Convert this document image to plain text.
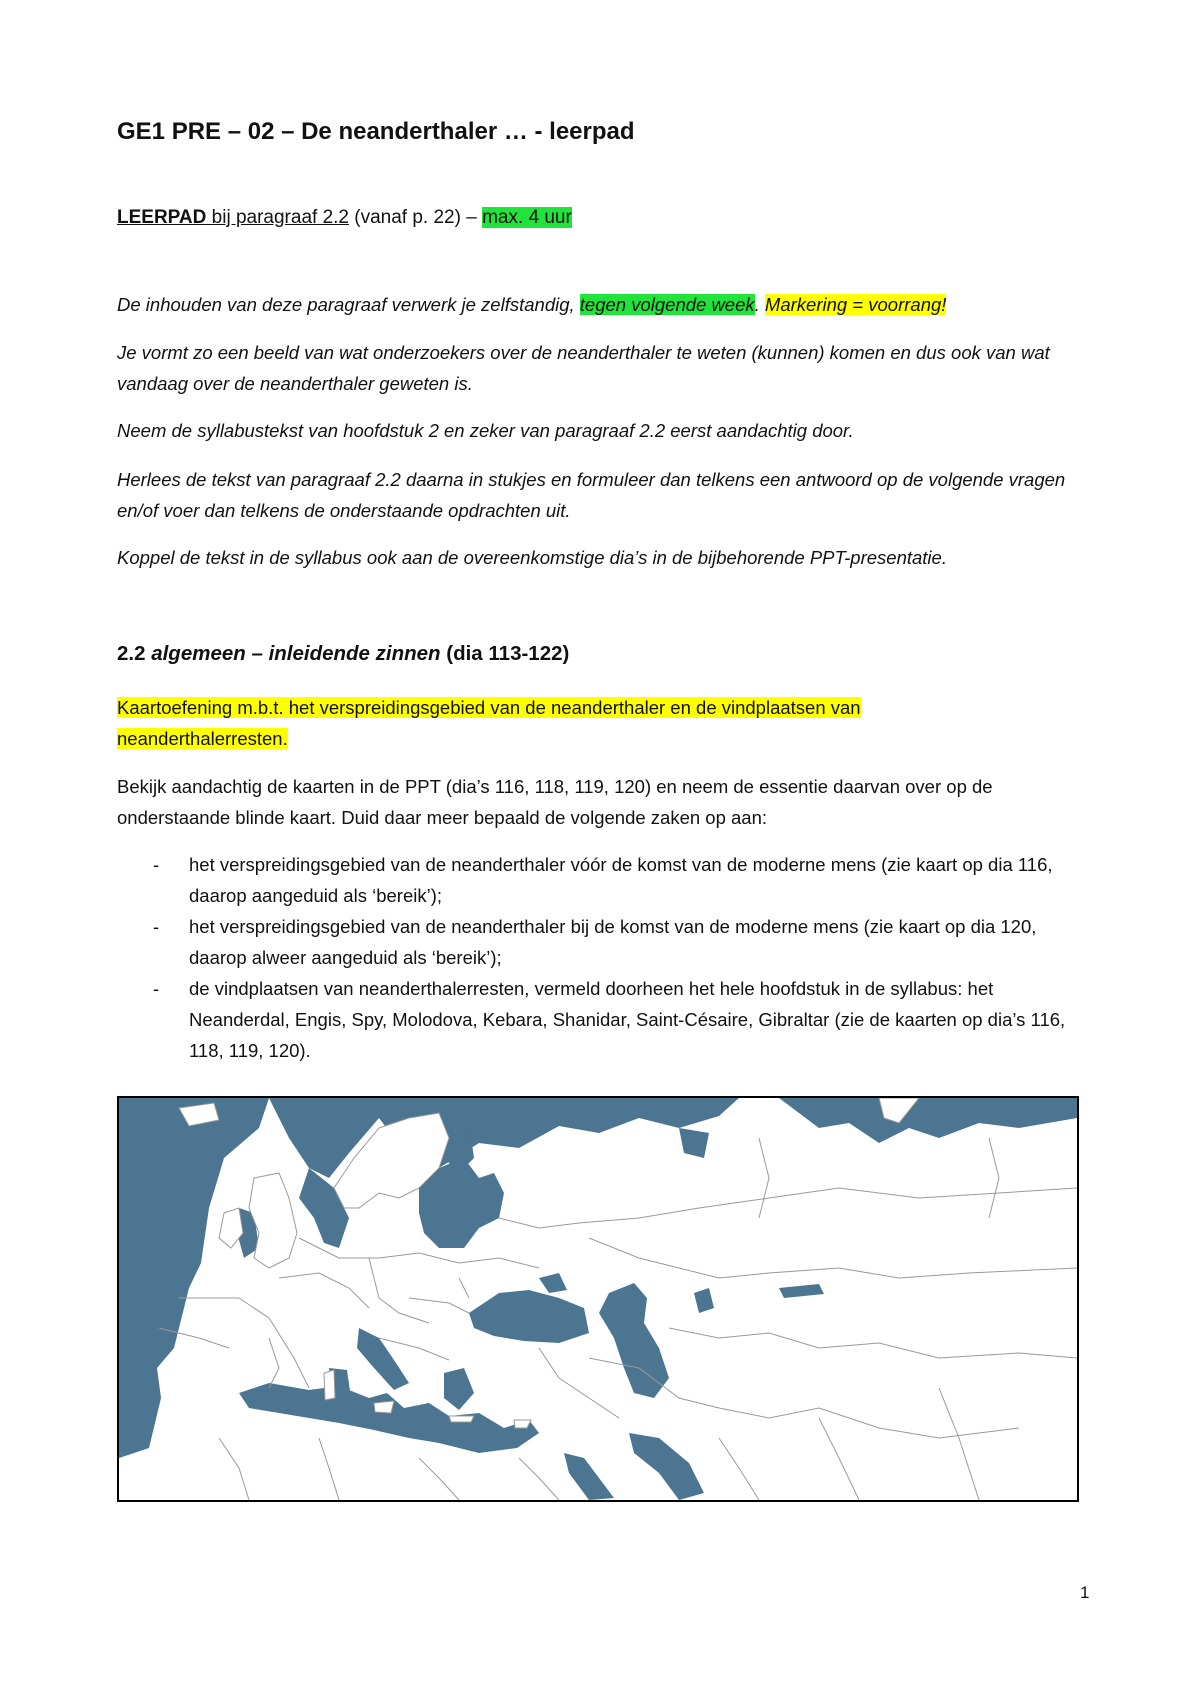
GE1 PRE – 02 – De neanderthaler … - leerpad
LEERPAD bij paragraaf 2.2 (vanaf p. 22) – max. 4 uur

De inhouden van deze paragraaf verwerk je zelfstandig, tegen volgende week. Markering = voorrang!

Je vormt zo een beeld van wat onderzoekers over de neanderthaler te weten (kunnen) komen en dus ook van wat vandaag over de neanderthaler geweten is.

Neem de syllabustekst van hoofdstuk 2 en zeker van paragraaf 2.2 eerst aandachtig door.

Herlees de tekst van paragraaf 2.2 daarna in stukjes en formuleer dan telkens een antwoord op de volgende vragen en/of voer dan telkens de onderstaande opdrachten uit.

Koppel de tekst in de syllabus ook aan de overeenkomstige dia’s in de bijbehorende PPT-presentatie.

2.2 algemeen – inleidende zinnen (dia 113-122)

Kaartoefening m.b.t. het verspreidingsgebied van de neanderthaler en de vindplaatsen van neanderthalerresten.

Bekijk aandachtig de kaarten in de PPT (dia’s 116, 118, 119, 120) en neem de essentie daarvan over op de onderstaande blinde kaart. Duid daar meer bepaald de volgende zaken op aan:

- het verspreidingsgebied van de neanderthaler vóór de komst van de moderne mens (zie kaart op dia 116, daarop aangeduid als ‘bereik’);
- het verspreidingsgebied van de neanderthaler bij de komst van de moderne mens (zie kaart op dia 120, daarop alweer aangeduid als ‘bereik’);
- de vindplaatsen van neanderthalerresten, vermeld doorheen het hele hoofdstuk in de syllabus: het Neanderdal, Engis, Spy, Molodova, Kebara, Shanidar, Saint-Césaire, Gibraltar (zie de kaarten op dia’s 116, 118, 119, 120).
1
